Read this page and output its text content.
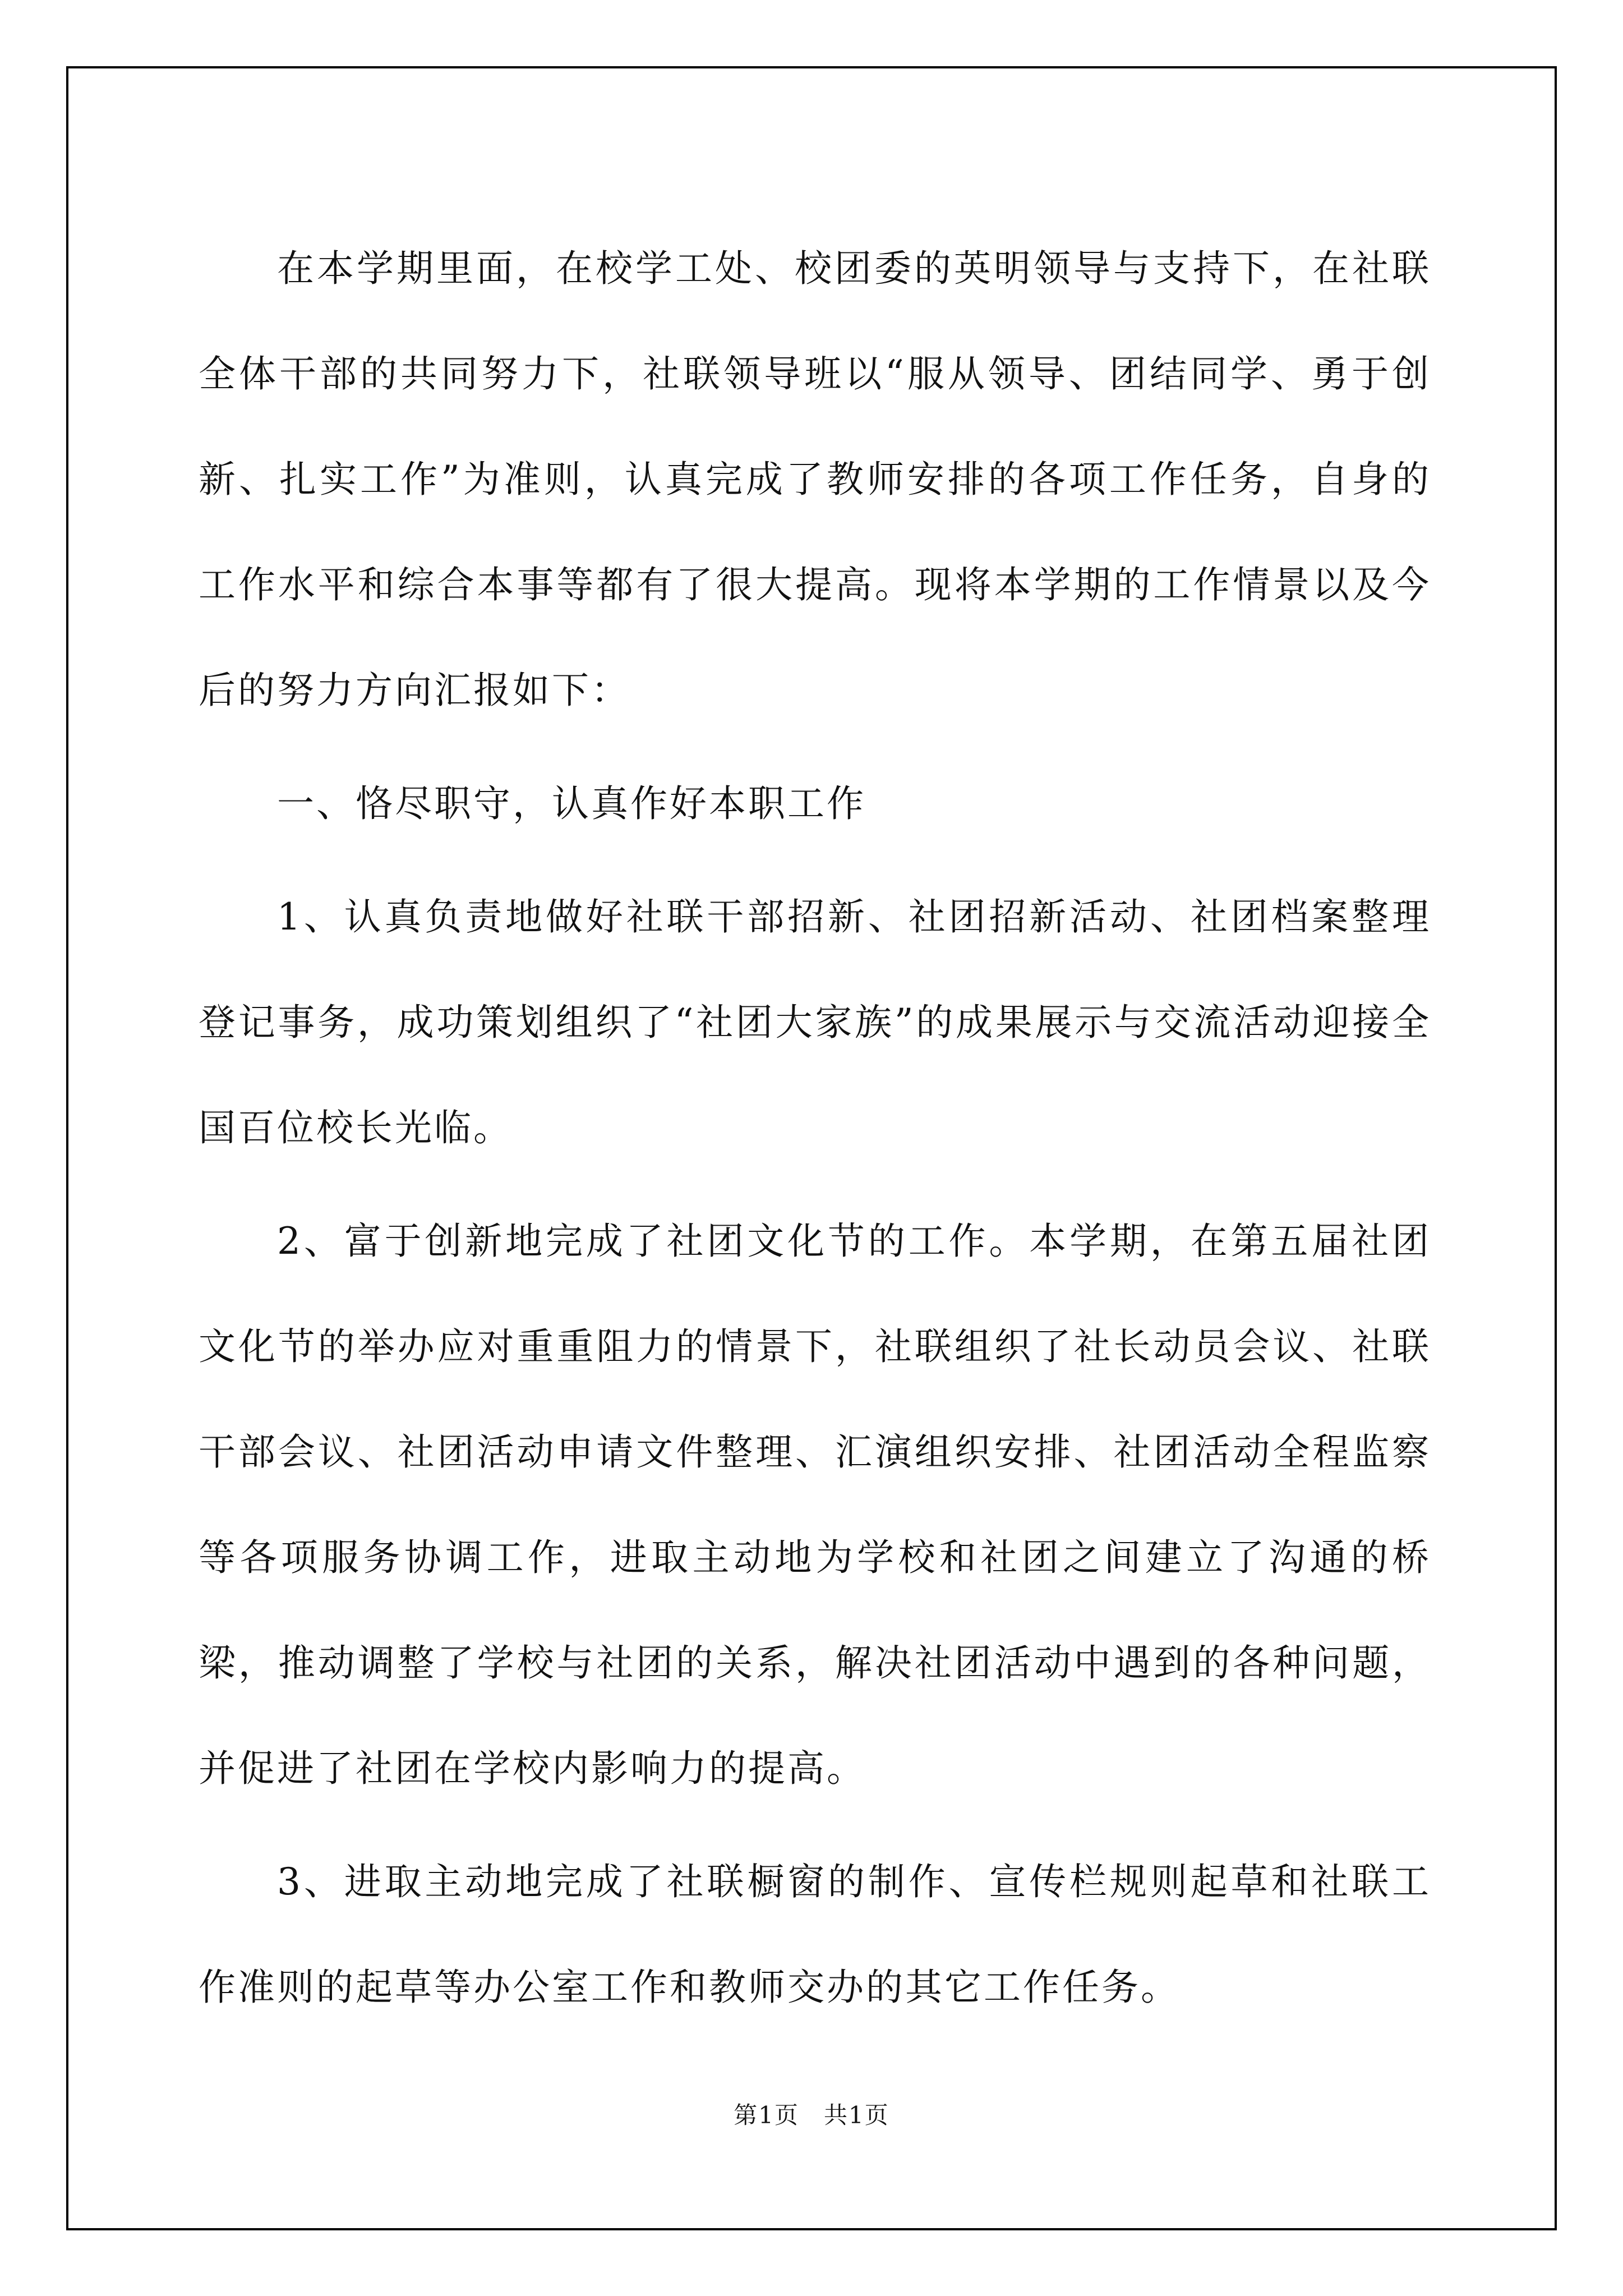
在本学期里面，在校学工处、校团委的英明领导与支持下，在社联全体干部的共同努力下，社联领导班以“服从领导、团结同学、勇于创新、扎实工作”为准则，认真完成了教师安排的各项工作任务，自身的工作水平和综合本事等都有了很大提高。现将本学期的工作情景以及今后的努力方向汇报如下：

一、恪尽职守，认真作好本职工作

1、认真负责地做好社联干部招新、社团招新活动、社团档案整理登记事务，成功策划组织了“社团大家族”的成果展示与交流活动迎接全国百位校长光临。

2、富于创新地完成了社团文化节的工作。本学期，在第五届社团文化节的举办应对重重阻力的情景下，社联组织了社长动员会议、社联干部会议、社团活动申请文件整理、汇演组织安排、社团活动全程监察等各项服务协调工作，进取主动地为学校和社团之间建立了沟通的桥梁，推动调整了学校与社团的关系，解决社团活动中遇到的各种问题，并促进了社团在学校内影响力的提高。

3、进取主动地完成了社联橱窗的制作、宣传栏规则起草和社联工作准则的起草等办公室工作和教师交办的其它工作任务。

第1页　共1页
